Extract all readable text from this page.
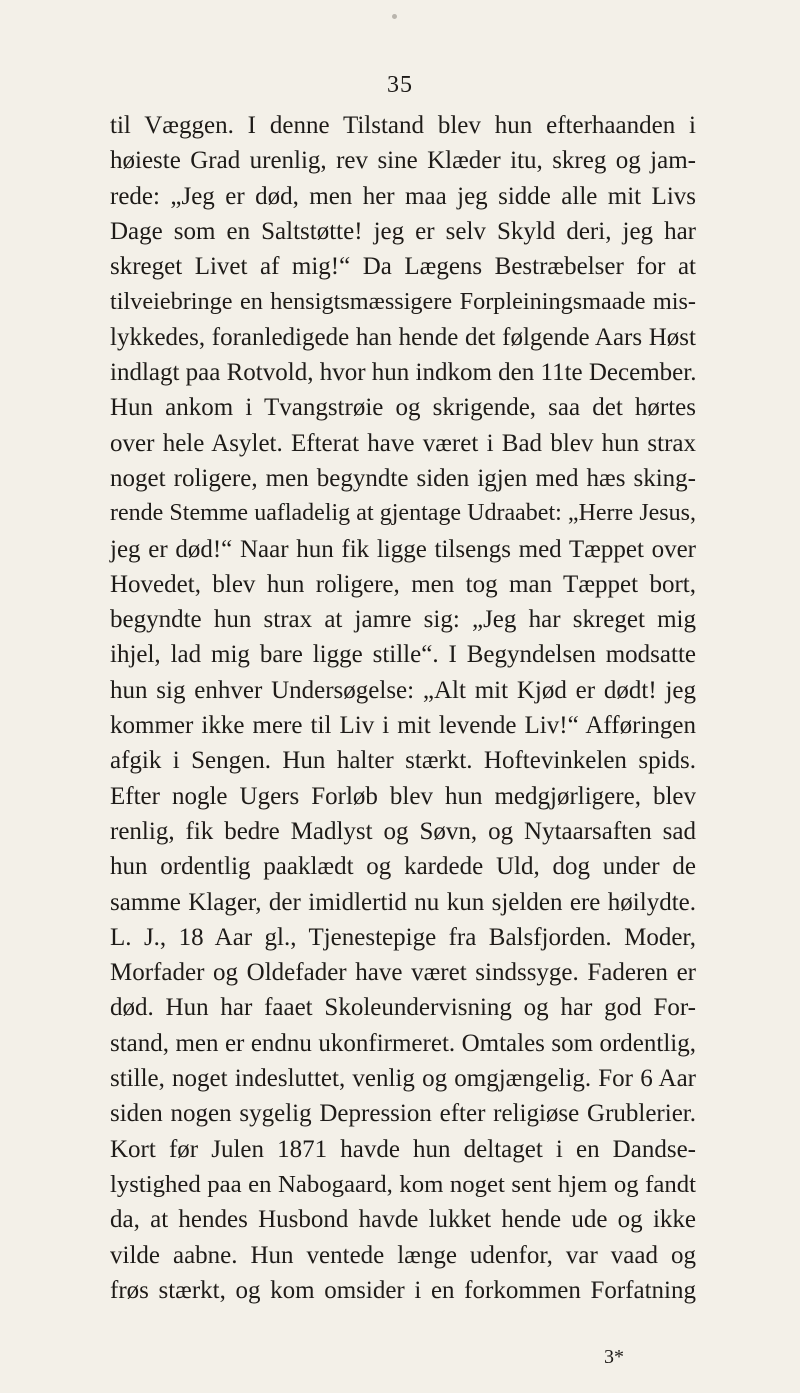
35
til Væggen. I denne Tilstand blev hun efterhaanden i
høieste Grad urenlig, rev sine Klæder itu, skreg og jam-
rede: „Jeg er død, men her maa jeg sidde alle mit Livs
Dage som en Saltstøtte! jeg er selv Skyld deri, jeg har
skreget Livet af mig!“ Da Lægens Bestræbelser for at
tilveiebringe en hensigtsmæssigere Forpleiningsmaade mis-
lykkedes, foranledigede han hende det følgende Aars Høst
indlagt paa Rotvold, hvor hun indkom den 11te December.
Hun ankom i Tvangstrøie og skrigende, saa det hørtes
over hele Asylet. Efterat have været i Bad blev hun strax
noget roligere, men begyndte siden igjen med hæs sking-
rende Stemme uafladelig at gjentage Udraabet: „Herre Jesus,
jeg er død!“ Naar hun fik ligge tilsengs med Tæppet over
Hovedet, blev hun roligere, men tog man Tæppet bort,
begyndte hun strax at jamre sig: „Jeg har skreget mig
ihjel, lad mig bare ligge stille“. I Begyndelsen modsatte
hun sig enhver Undersøgelse: „Alt mit Kjød er dødt! jeg
kommer ikke mere til Liv i mit levende Liv!“ Afføringen
afgik i Sengen. Hun halter stærkt. Hoftevinkelen spids.
Efter nogle Ugers Forløb blev hun medgjørligere, blev
renlig, fik bedre Madlyst og Søvn, og Nytaarsaften sad
hun ordentlig paaklædt og kardede Uld, dog under de
samme Klager, der imidlertid nu kun sjelden ere høilydte.
L. J., 18 Aar gl., Tjenestepige fra Balsfjorden. Moder,
Morfader og Oldefader have været sindssyge. Faderen er
død. Hun har faaet Skoleundervisning og har god For-
stand, men er endnu ukonfirmeret. Omtales som ordentlig,
stille, noget indesluttet, venlig og omgjængelig. For 6 Aar
siden nogen sygelig Depression efter religiøse Grublerier.
Kort før Julen 1871 havde hun deltaget i en Dandse-
lystighed paa en Nabogaard, kom noget sent hjem og fandt
da, at hendes Husbond havde lukket hende ude og ikke
vilde aabne. Hun ventede længe udenfor, var vaad og
frøs stærkt, og kom omsider i en forkommen Forfatning
3*
